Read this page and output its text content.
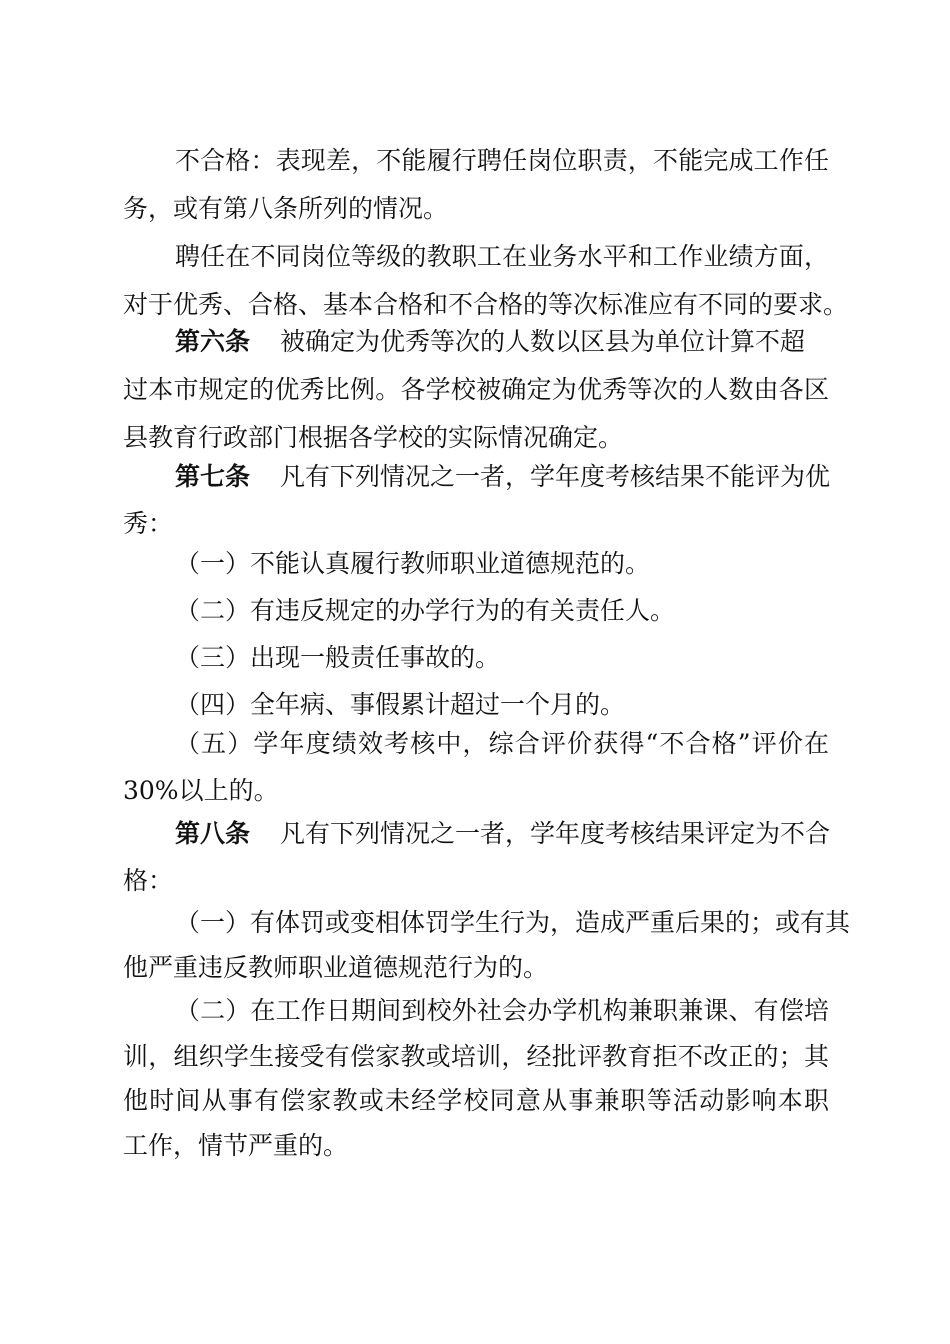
不合格：表现差，不能履行聘任岗位职责，不能完成工作任
务，或有第八条所列的情况。
聘任在不同岗位等级的教职工在业务水平和工作业绩方面，
对于优秀、合格、基本合格和不合格的等次标准应有不同的要求。
第六条 被确定为优秀等次的人数以区县为单位计算不超
过本市规定的优秀比例。各学校被确定为优秀等次的人数由各区
县教育行政部门根据各学校的实际情况确定。
第七条 凡有下列情况之一者，学年度考核结果不能评为优
秀：
（一）不能认真履行教师职业道德规范的。
（二）有违反规定的办学行为的有关责任人。
（三）出现一般责任事故的。
（四）全年病、事假累计超过一个月的。
（五）学年度绩效考核中，综合评价获得“不合格”评价在
30%以上的。
第八条 凡有下列情况之一者，学年度考核结果评定为不合
格：
（一）有体罚或变相体罚学生行为，造成严重后果的；或有其
他严重违反教师职业道德规范行为的。
（二）在工作日期间到校外社会办学机构兼职兼课、有偿培
训，组织学生接受有偿家教或培训，经批评教育拒不改正的；其
他时间从事有偿家教或未经学校同意从事兼职等活动影响本职
工作，情节严重的。
